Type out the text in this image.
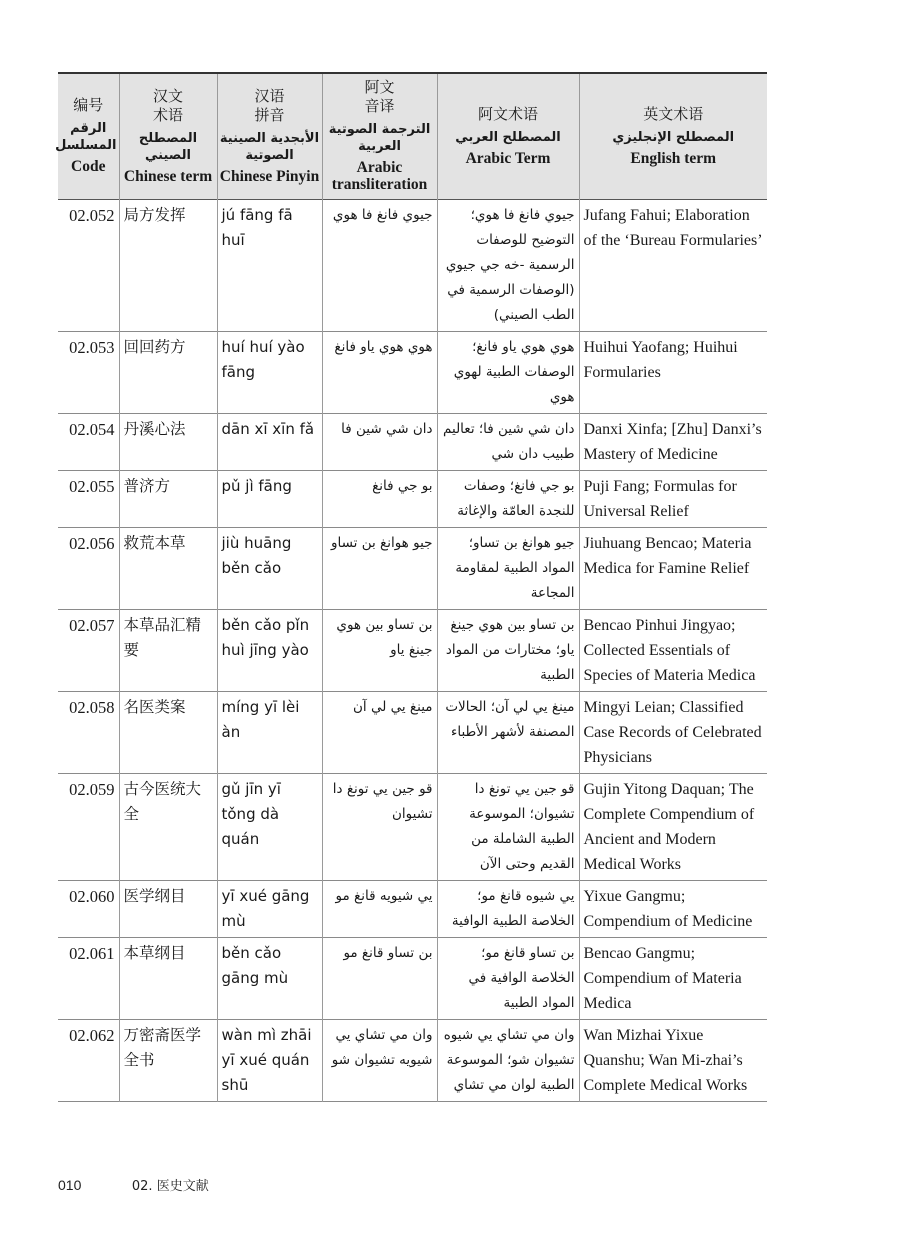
编号
الرقم المسلسل
Code	汉文
术语
المصطلح الصيني
Chinese term	汉语
拼音
الأبجدية الصينية الصوتية
Chinese Pinyin	阿文
音译
الترجمة الصوتية العربية
Arabic transliteration	阿文术语
المصطلح العربي
Arabic Term	英文术语
المصطلح الإنجليزي
English term

02.052	局方发挥	jú fāng fā huī	جيوي فانغ فا هوي	جيوي فانغ فا هوي؛ التوضيح للوصفات الرسمية -خه جي جيوي (الوصفات الرسمية في الطب الصيني)	Jufang Fahui; Elaboration of the ‘Bureau Formularies’
02.053	回回药方	huí huí yào fāng	هوي هوي ياو فانغ	هوي هوي ياو فانغ؛ الوصفات الطبية لهوي هوي	Huihui Yaofang; Huihui Formularies
02.054	丹溪心法	dān xī xīn fǎ	دان شي شين فا	دان شي شين فا؛ تعاليم طبيب دان شي	Danxi Xinfa; [Zhu] Danxi’s Mastery of Medicine
02.055	普济方	pǔ jì fāng	بو جي فانغ	بو جي فانغ؛ وصفات للنجدة العامّة والإغاثة	Puji Fang; Formulas for Universal Relief
02.056	救荒本草	jiù huāng běn cǎo	جيو هوانغ بن تساو	جيو هوانغ بن تساو؛ المواد الطبية لمقاومة المجاعة	Jiuhuang Bencao; Materia Medica for Famine Relief
02.057	本草品汇精要	běn cǎo pǐn huì jīng yào	بن تساو بين هوي جينغ ياو	بن تساو بين هوي جينغ ياو؛ مختارات من المواد الطبية	Bencao Pinhui Jingyao; Collected Essentials of Species of Materia Medica
02.058	名医类案	míng yī lèi àn	مينغ يي لي آن	مينغ يي لي آن؛ الحالات المصنفة لأشهر الأطباء	Mingyi Leian; Classified Case Records of Celebrated Physicians
02.059	古今医统大全	gǔ jīn yī tǒng dà quán	قو جين يي تونغ دا تشيوان	قو جين يي تونغ دا تشيوان؛ الموسوعة الطبية الشاملة من القديم وحتى الآن	Gujin Yitong Daquan; The Complete Compendium of Ancient and Modern Medical Works
02.060	医学纲目	yī xué gāng mù	يي شيويه قانغ مو	يي شيوه قانغ مو؛ الخلاصة الطبية الوافية	Yixue Gangmu; Compendium of Medicine
02.061	本草纲目	běn cǎo gāng mù	بن تساو قانغ مو	بن تساو قانغ مو؛ الخلاصة الوافية في المواد الطبية	Bencao Gangmu; Compendium of Materia Medica
02.062	万密斋医学全书	wàn mì zhāi yī xué quán shū	وان مي تشاي يي شيويه تشيوان شو	وان مي تشاي يي شيوه تشيوان شو؛ الموسوعة الطبية لوان مي تشاي	Wan Mizhai Yixue Quanshu; Wan Mi-zhai’s Complete Medical Works
010	02. 医史文献
